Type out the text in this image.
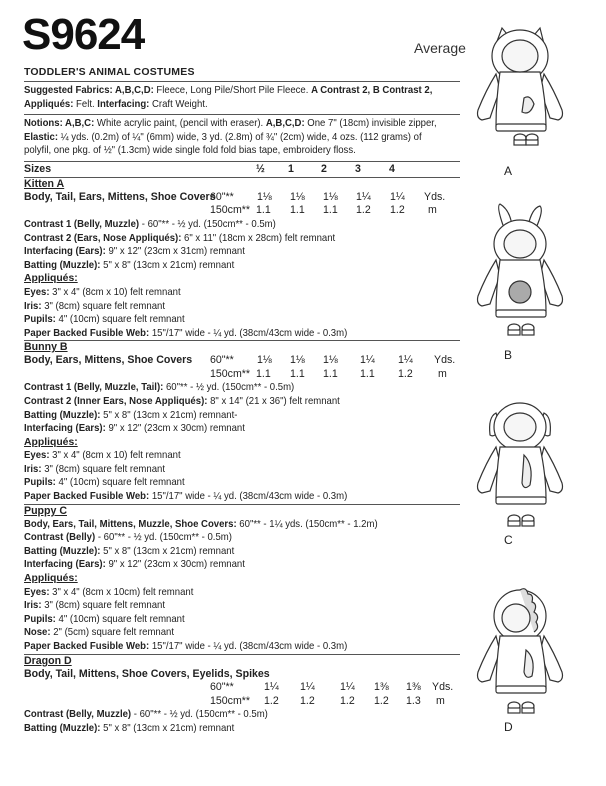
S9624	Average
TODDLER'S ANIMAL COSTUMES
Suggested Fabrics: A,B,C,D: Fleece, Long Pile/Short Pile Fleece. A Contrast 2, B Contrast 2,
Appliqués: Felt. Interfacing: Craft Weight.
Notions: A,B,C: White acrylic paint, (pencil with eraser). A,B,C,D: One 7" (18cm) invisible zipper,
Elastic: ¼ yds. (0.2m) of ¼" (6mm) wide, 3 yd. (2.8m) of ¾" (2cm) wide, 4 ozs. (112 grams) of
polyfil, one pkg. of ½" (1.3cm) wide single fold fold bias tape, embroidery floss.
Sizes	½ 1	2	3	4
Kitten A
Body, Tail, Ears, Mittens, Shoe Covers
60"** 1⅛ 1⅛ 1⅛ 1¼ 1¼ Yds.
150cm** 1.1 1.1 1.1 1.2 1.2 m
Contrast 1 (Belly, Muzzle) - 60"** - ½ yd. (150cm** - 0.5m)
Contrast 2 (Ears, Nose Appliqués): 6" x 11" (18cm x 28cm) felt remnant
Interfacing (Ears): 9" x 12" (23cm x 31cm) remnant
Batting (Muzzle): 5" x 8" (13cm x 21cm) remnant
Appliqués:
Eyes: 3" x 4" (8cm x 10) felt remnant
Iris: 3" (8cm) square felt remnant
Pupils: 4" (10cm) square felt remnant
Paper Backed Fusible Web: 15"/17" wide - ¼ yd. (38cm/43cm wide - 0.3m)
Bunny B
Body, Ears, Mittens, Shoe Covers 60"** 1⅛ 1⅛ 1⅛ 1¼ 1¼ Yds.
150cm** 1.1 1.1 1.1 1.1 1.2 m
Contrast 1 (Belly, Muzzle, Tail): 60"** - ½ yd. (150cm** - 0.5m)
Contrast 2 (Inner Ears, Nose Appliqués): 8" x 14" (21 x 36") felt remnant
Batting (Muzzle): 5" x 8" (13cm x 21cm) remnant-
Interfacing (Ears): 9" x 12" (23cm x 30cm) remnant
Appliqués:
Eyes: 3" x 4" (8cm x 10) felt remnant
Iris: 3" (8cm) square felt remnant
Pupils: 4" (10cm) square felt remnant
Paper Backed Fusible Web: 15"/17" wide - ¼ yd. (38cm/43cm wide - 0.3m)
Puppy C
Body, Ears, Tail, Mittens, Muzzle, Shoe Covers: 60"** - 1¼ yds. (150cm** - 1.2m)
Contrast (Belly) - 60"** - ½ yd. (150cm** - 0.5m)
Batting (Muzzle): 5" x 8" (13cm x 21cm) remnant
Interfacing (Ears): 9" x 12" (23cm x 30cm) remnant
Appliqués:
Eyes: 3" x 4" (8cm x 10cm) felt remnant
Iris: 3" (8cm) square felt remnant
Pupils: 4" (10cm) square felt remnant
Nose: 2" (5cm) square felt remnant
Paper Backed Fusible Web: 15"/17" wide - ¼ yd. (38cm/43cm wide - 0.3m)
Dragon D
Body, Tail, Mittens, Shoe Covers, Eyelids, Spikes
60"**	1¼ 1¼ 1¼ 1⅜ 1⅜ Yds.
150cm** 1.2 1.2 1.2 1.2 1.3 m
Contrast (Belly, Muzzle) - 60"** - ½ yd. (150cm** - 0.5m)
Batting (Muzzle): 5" x 8" (13cm x 21cm) remnant
A
B
C
D
